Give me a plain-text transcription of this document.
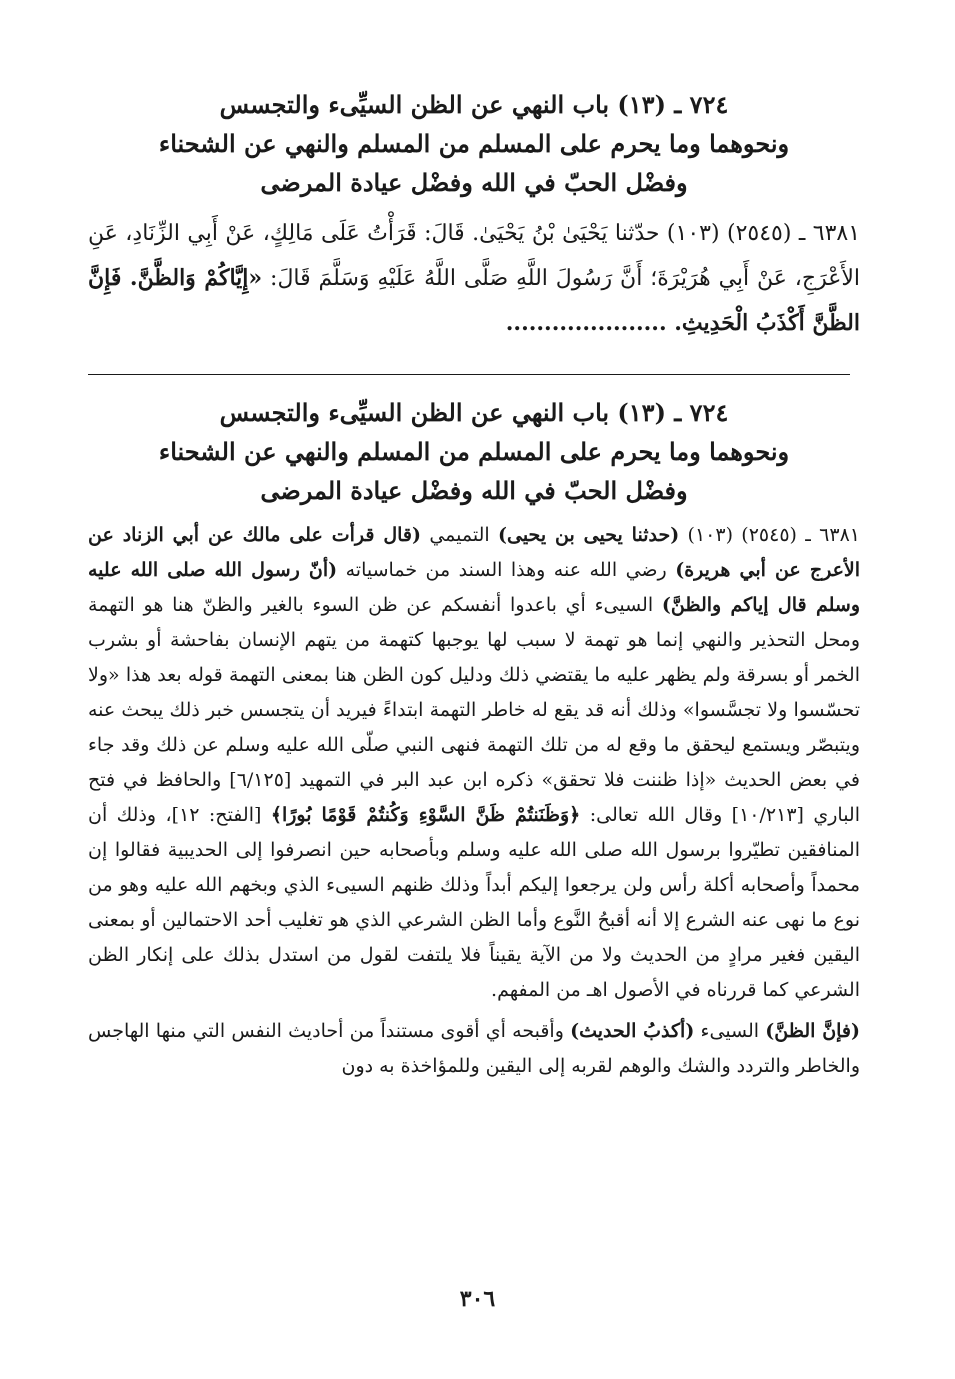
٧٢٤ ـ (١٣) باب النهي عن الظن السيِّىء والتجسس

ونحوهما وما يحرم على المسلم من المسلم والنهي عن الشحناء

وفضْل الحبّ في الله وفضْل عيادة المرضى

٦٣٨١ ـ (٢٥٤٥) (١٠٣) حدّثنا يَحْيَىٰ بْنُ يَحْيَىٰ. قَالَ: قَرَأْتُ عَلَى مَالِكٍ، عَنْ أَبِي الزِّنَادِ، عَنِ الأَعْرَجِ، عَنْ أَبِي هُرَيْرَةَ؛ أَنَّ رَسُولَ اللَّهِ صَلَّى اللَّهُ عَلَيْهِ وَسَلَّمَ قَالَ: «إِيَّاكُمْ وَالظَّنَّ. فَإِنَّ الظَّنَّ أَكْذَبُ الْحَدِيثِ. .....................

٧٢٤ ـ (١٣) باب النهي عن الظن السيِّىء والتجسس

ونحوهما وما يحرم على المسلم من المسلم والنهي عن الشحناء

وفضْل الحبّ في الله وفضْل عيادة المرضى

٦٣٨١ ـ (٢٥٤٥) (١٠٣) (حدثنا يحيى بن يحيى) التميمي (قال قرأت على مالك عن أبي الزناد عن الأعرج عن أبي هريرة) رضي الله عنه وهذا السند من خماسياته (أنّ رسول الله صلى الله عليه وسلم قال إياكم والظنَّ) السيىء أي باعدوا أنفسكم عن ظن السوء بالغير والظنّ هنا هو التهمة ومحل التحذير والنهي إنما هو تهمة لا سبب لها يوجبها كتهمة من يتهم الإنسان بفاحشة أو بشرب الخمر أو بسرقة ولم يظهر عليه ما يقتضي ذلك ودليل كون الظن هنا بمعنى التهمة قوله بعد هذا «ولا تحسّسوا ولا تجسَّسوا» وذلك أنه قد يقع له خاطر التهمة ابتداءً فيريد أن يتجسس خبر ذلك يبحث عنه ويتبصّر ويستمع ليحقق ما وقع له من تلك التهمة فنهى النبي صلّى الله عليه وسلم عن ذلك وقد جاء في بعض الحديث «إذا ظننت فلا تحقق» ذكره ابن عبد البر في التمهيد [٦/١٢٥] والحافظ في فتح الباري [١٠/٢١٣] وقال الله تعالى: ﴿وَظَنَنتُمْ ظَنَّ السَّوْءِ وَكُنتُمْ قَوْمًا بُورًا﴾ [الفتح: ١٢]، وذلك أن المنافقين تطيّروا برسول الله صلى الله عليه وسلم وبأصحابه حين انصرفوا إلى الحديبية فقالوا إن محمداً وأصحابه أكلة رأس ولن يرجعوا إليكم أبداً وذلك ظنهم السيىء الذي وبخهم الله عليه وهو من نوع ما نهى عنه الشرع إلا أنه أقبحُ النَّوع وأما الظن الشرعي الذي هو تغليب أحد الاحتمالين أو بمعنى اليقين فغير مرادٍ من الحديث ولا من الآية يقيناً فلا يلتفت لقول من استدل بذلك على إنكار الظن الشرعي كما قررناه في الأصول اهـ من المفهم.

(فإنَّ الظنَّ) السيىء (أكذبُ الحديث) وأقبحه أي أقوى مستنداً من أحاديث النفس التي منها الهاجس والخاطر والتردد والشك والوهم لقربه إلى اليقين وللمؤاخذة به دون

٣٠٦
